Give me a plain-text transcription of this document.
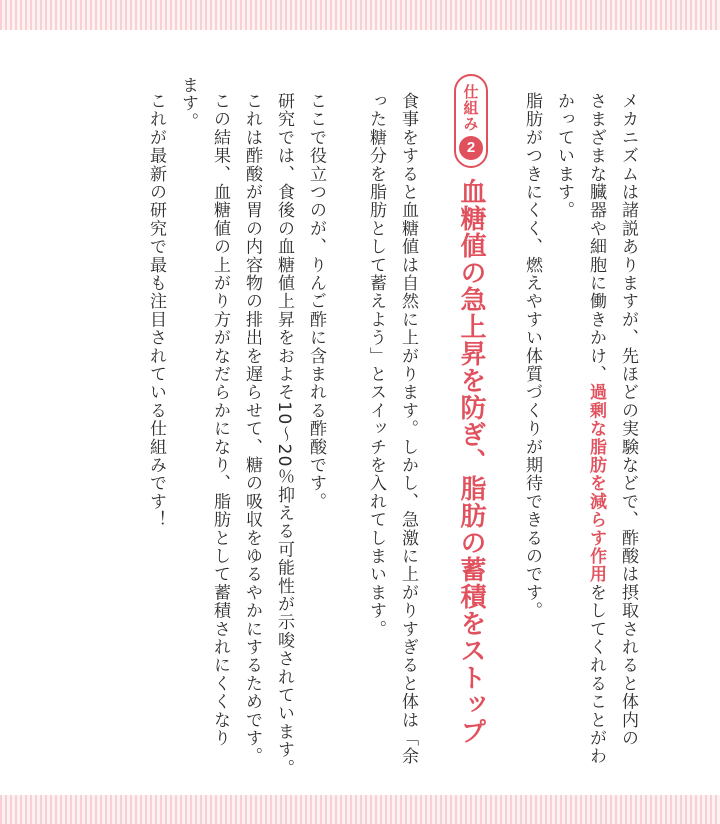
メカニズムは諸説ありますが、先ほどの実験などで、酢酸は摂取されると体内の
さまざまな臓器や細胞に働きかけ、過剰な脂肪を減らす作用をしてくれることがわ
かっています。
脂肪がつきにくく、燃えやすい体質づくりが期待できるのです。
仕組み
2
血糖値の急上昇を防ぎ、脂肪の蓄積をストップ
食事をすると血糖値は自然に上がります。しかし、急激に上がりすぎると体は「余
った糖分を脂肪として蓄えよう」とスイッチを入れてしまいます。
ここで役立つのが、りんご酢に含まれる酢酸です。
研究では、食後の血糖値上昇をおよそ10～20％抑える可能性が示唆されています。
これは酢酸が胃の内容物の排出を遅らせて、糖の吸収をゆるやかにするためです。
この結果、血糖値の上がり方がなだらかになり、脂肪として蓄積されにくくなり
ます。
これが最新の研究で最も注目されている仕組みです！
